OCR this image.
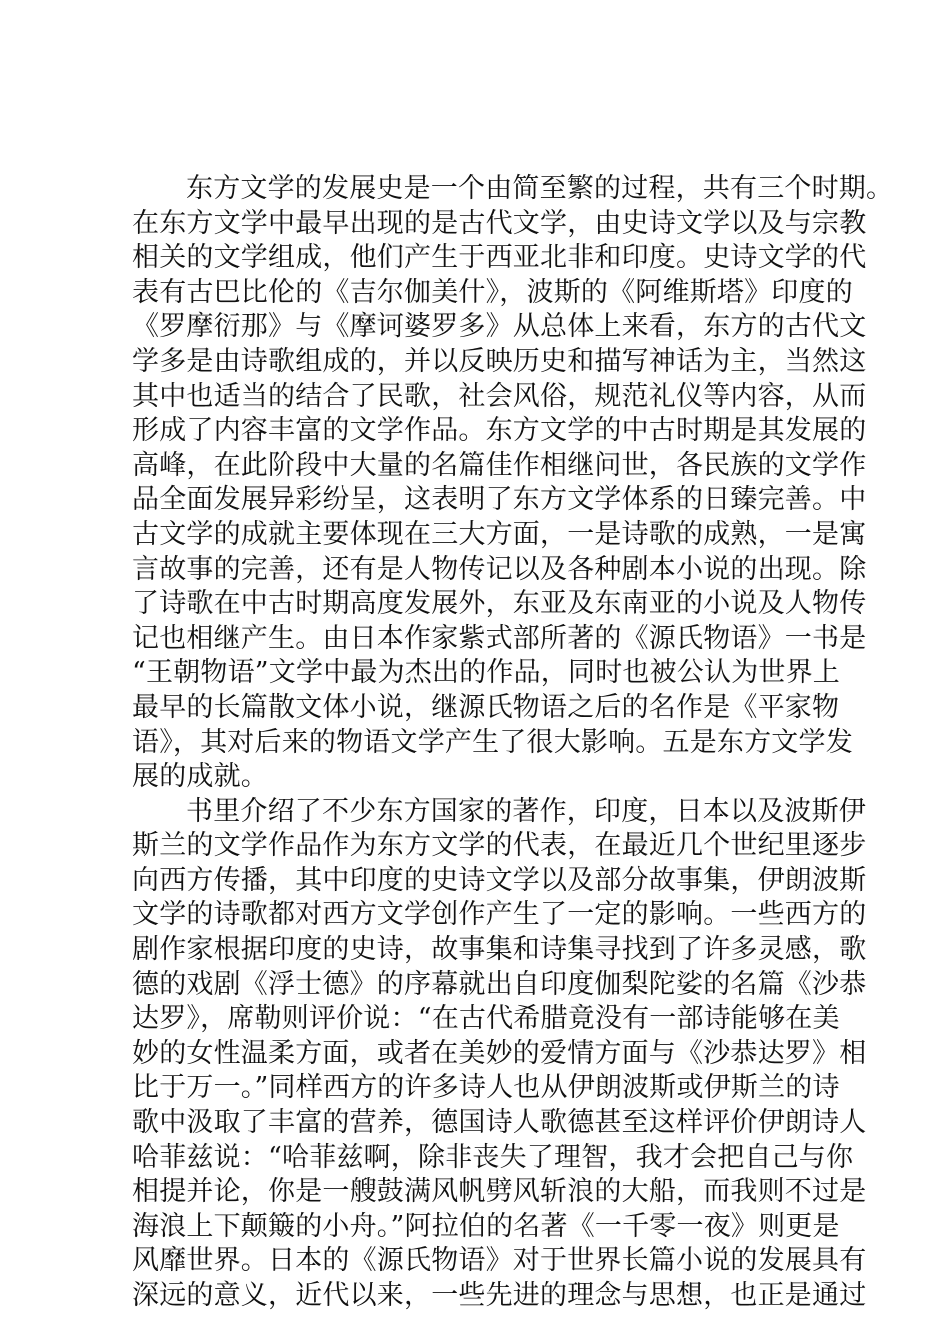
东方文学的发展史是一个由简至繁的过程，共有三个时期。
在东方文学中最早出现的是古代文学，由史诗文学以及与宗教
相关的文学组成，他们产生于西亚北非和印度。史诗文学的代
表有古巴比伦的《吉尔伽美什》，波斯的《阿维斯塔》印度的
《罗摩衍那》与《摩诃婆罗多》从总体上来看，东方的古代文
学多是由诗歌组成的，并以反映历史和描写神话为主，当然这
其中也适当的结合了民歌，社会风俗，规范礼仪等内容，从而
形成了内容丰富的文学作品。东方文学的中古时期是其发展的
高峰，在此阶段中大量的名篇佳作相继问世，各民族的文学作
品全面发展异彩纷呈，这表明了东方文学体系的日臻完善。中
古文学的成就主要体现在三大方面，一是诗歌的成熟，一是寓
言故事的完善，还有是人物传记以及各种剧本小说的出现。除
了诗歌在中古时期高度发展外，东亚及东南亚的小说及人物传
记也相继产生。由日本作家紫式部所著的《源氏物语》一书是
“王朝物语”文学中最为杰出的作品，同时也被公认为世界上
最早的长篇散文体小说，继源氏物语之后的名作是《平家物
语》，其对后来的物语文学产生了很大影响。五是东方文学发
展的成就。
书里介绍了不少东方国家的著作，印度，日本以及波斯伊
斯兰的文学作品作为东方文学的代表，在最近几个世纪里逐步
向西方传播，其中印度的史诗文学以及部分故事集，伊朗波斯
文学的诗歌都对西方文学创作产生了一定的影响。一些西方的
剧作家根据印度的史诗，故事集和诗集寻找到了许多灵感，歌
德的戏剧《浮士德》的序幕就出自印度伽梨陀娑的名篇《沙恭
达罗》，席勒则评价说：“在古代希腊竟没有一部诗能够在美
妙的女性温柔方面，或者在美妙的爱情方面与《沙恭达罗》相
比于万一。”同样西方的许多诗人也从伊朗波斯或伊斯兰的诗
歌中汲取了丰富的营养，德国诗人歌德甚至这样评价伊朗诗人
哈菲兹说：“哈菲兹啊，除非丧失了理智，我才会把自己与你
相提并论，你是一艘鼓满风帆劈风斩浪的大船，而我则不过是
海浪上下颠簸的小舟。”阿拉伯的名著《一千零一夜》则更是
风靡世界。日本的《源氏物语》对于世界长篇小说的发展具有
深远的意义，近代以来，一些先进的理念与思想，也正是通过
